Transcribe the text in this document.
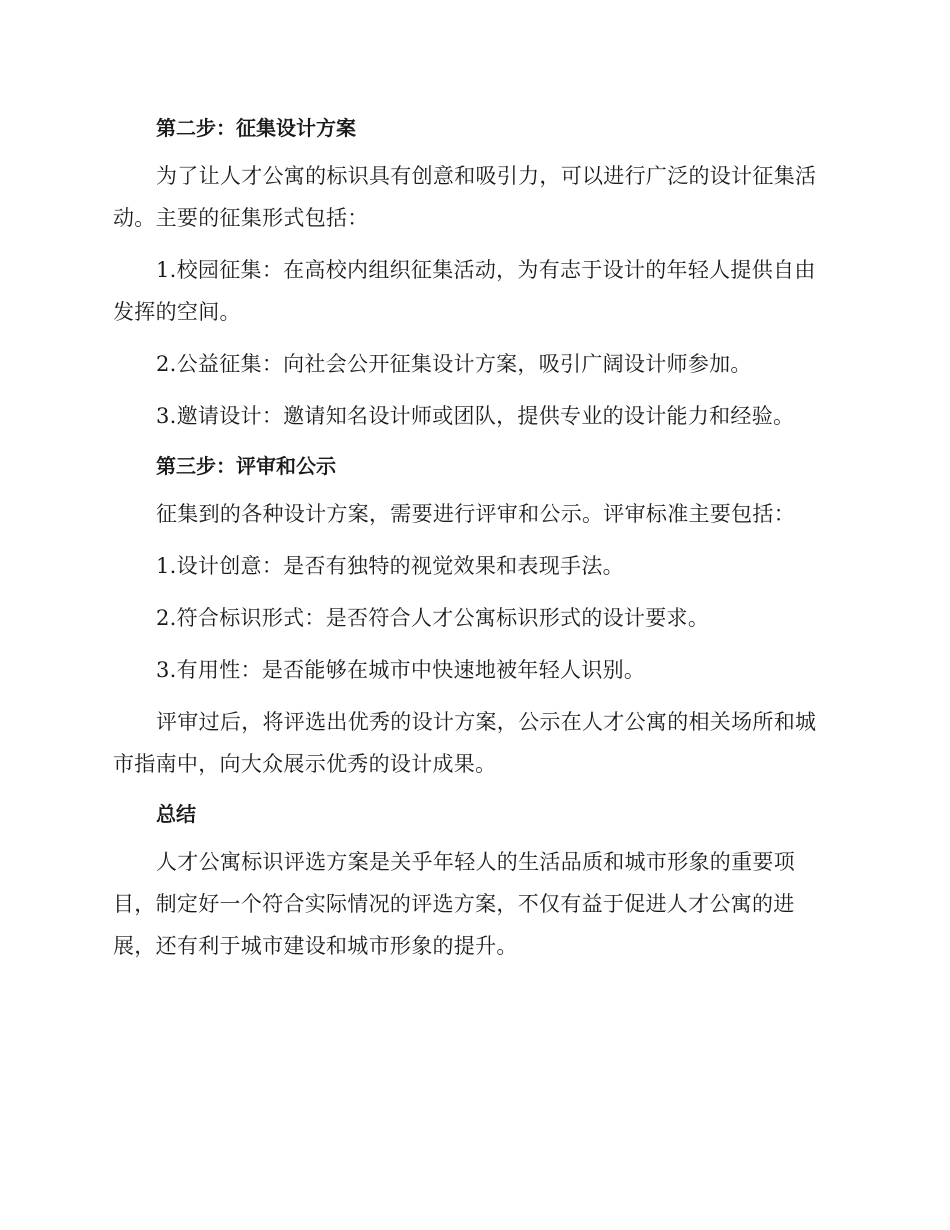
第二步：征集设计方案

为了让人才公寓的标识具有创意和吸引力，可以进行广泛的设计征集活动。主要的征集形式包括：

1.校园征集：在高校内组织征集活动，为有志于设计的年轻人提供自由发挥的空间。

2.公益征集：向社会公开征集设计方案，吸引广阔设计师参加。

3.邀请设计：邀请知名设计师或团队，提供专业的设计能力和经验。

第三步：评审和公示

征集到的各种设计方案，需要进行评审和公示。评审标准主要包括：

1.设计创意：是否有独特的视觉效果和表现手法。

2.符合标识形式：是否符合人才公寓标识形式的设计要求。

3.有用性：是否能够在城市中快速地被年轻人识别。

评审过后，将评选出优秀的设计方案，公示在人才公寓的相关场所和城市指南中，向大众展示优秀的设计成果。

总结

人才公寓标识评选方案是关乎年轻人的生活品质和城市形象的重要项目，制定好一个符合实际情况的评选方案，不仅有益于促进人才公寓的进展，还有利于城市建设和城市形象的提升。
